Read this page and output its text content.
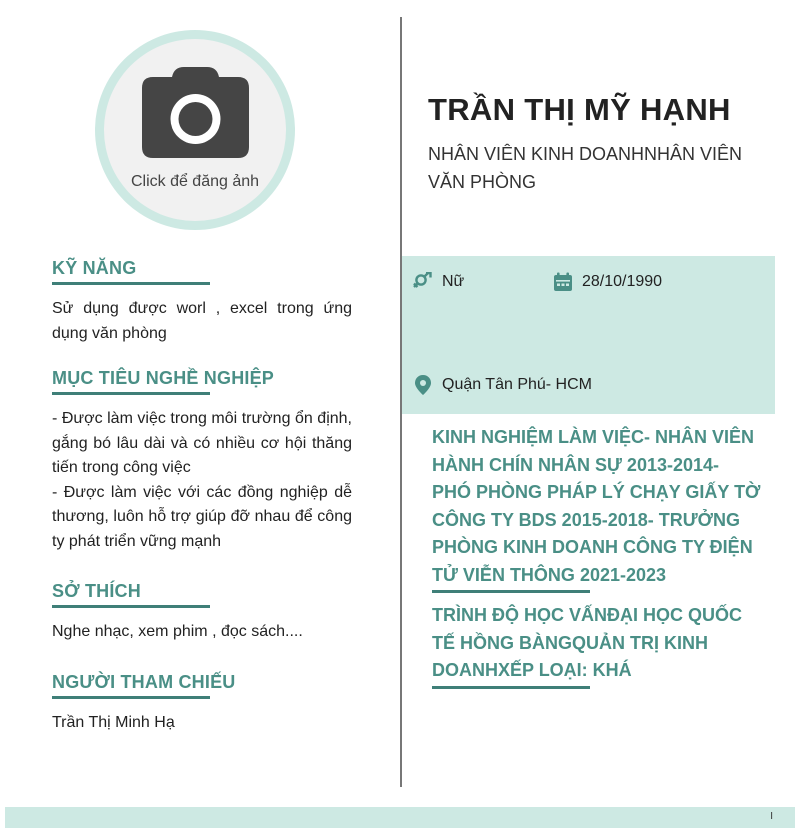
Click để đăng ảnh
TRẦN THỊ MỸ HẠNH
NHÂN VIÊN KINH DOANHNHÂN VIÊN VĂN PHÒNG
KỸ NĂNG
Sử dụng được worl , excel trong ứng dụng văn phòng
MỤC TIÊU NGHỀ NGHIỆP
- Được làm việc trong môi trường ổn định, gắng bó lâu dài và có nhiều cơ hội thăng tiến trong công việc
- Được làm việc với các đồng nghiệp dễ thương, luôn hỗ trợ giúp đỡ nhau để công ty phát triển vững mạnh
SỞ THÍCH
Nghe nhạc, xem phim , đọc sách....
NGƯỜI THAM CHIẾU
Trần Thị Minh Hạ
Nữ	28/10/1990
Quận Tân Phú- HCM
KINH NGHIỆM LÀM VIỆC- NHÂN VIÊN HÀNH CHÍN NHÂN SỰ 2013-2014- PHÓ PHÒNG PHÁP LÝ CHẠY GIẤY TỜ CÔNG TY BDS 2015-2018- TRƯỞNG PHÒNG KINH DOANH CÔNG TY ĐIỆN TỬ VIỄN THÔNG 2021-2023
TRÌNH ĐỘ HỌC VẤNĐẠI HỌC QUỐC TẾ HỒNG BÀNGQUẢN TRỊ KINH DOANHXẾP LOẠI: KHÁ
I
